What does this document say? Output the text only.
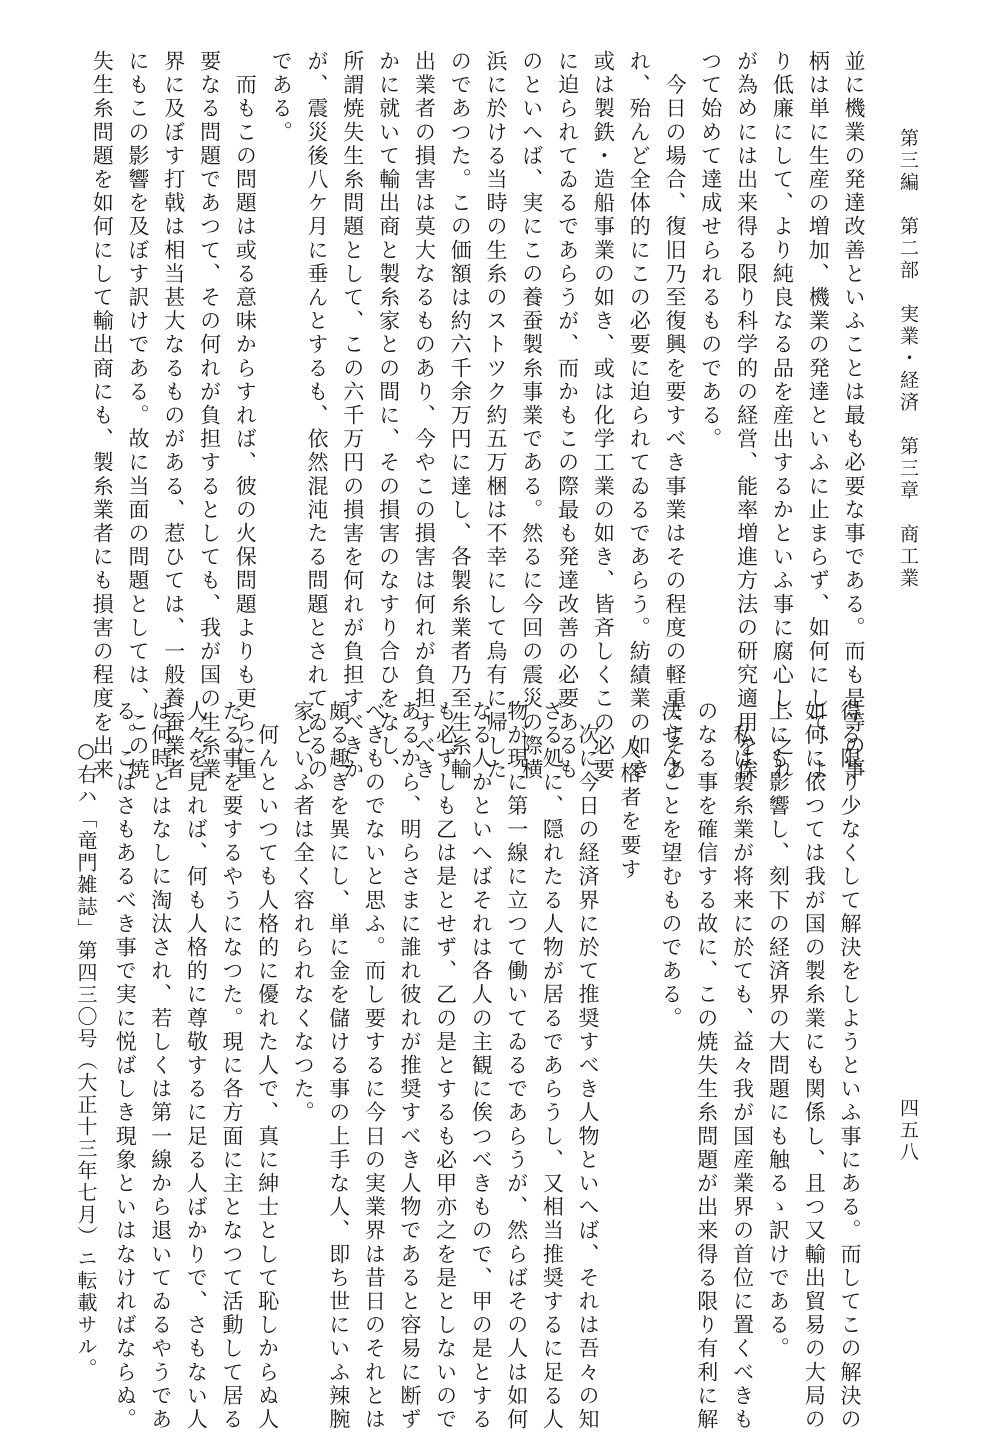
第三編　第二部　実業・経済　第三章　商工業
四五八
並に機業の発達改善といふことは最も必要な事である。而も是等の事
柄は単に生産の増加、機業の発達といふに止まらず、如何にして、よ
り低廉にして、より純良なる品を産出するかといふ事に腐心し、之れ
が為めには出来得る限り科学的の経営、能率増進方法の研究適用を俟
つて始めて達成せられるものである。
　今日の場合、復旧乃至復興を要すべき事業はその程度の軽重こそあ
れ、殆んど全体的にこの必要に迫られてゐるであらう。紡績業の如き
或は製鉄・造船事業の如き、或は化学工業の如き、皆斉しくこの必要
に迫られてゐるであらうが、而かもこの際最も発達改善の必要あるも
のといへば、実にこの養蚕製糸事業である。然るに今回の震災の際横
浜に於ける当時の生糸のストツク約五万梱は不幸にして烏有に帰した
のであつた。この価額は約六千余万円に達し、各製糸業者乃至生糸輸
出業者の損害は莫大なるものあり、今やこの損害は何れが負担すべき
かに就いて輸出商と製糸家との間に、その損害のなすり合ひをなし、
所謂焼失生糸問題として、この六千万円の損害を何れが負担すべきか
が、震災後八ケ月に垂んとするも、依然混沌たる問題とされてゐるの
である。
　而もこの問題は或る意味からすれば、彼の火保問題よりも更らに重
要なる問題であつて、その何れが負担するとしても、我が国の生糸業
界に及ぼす打戟は相当甚大なるものがある、惹ひては、一般養蚕業者
にもこの影響を及ぼす訳けである。故に当面の問題としては、この焼
失生糸問題を如何にして輸出商にも、製糸業者にも損害の程度を出来
得る限り少なくして解決をしようといふ事にある。而してこの解決の
如何に依つては我が国の製糸業にも関係し、且つ又輸出貿易の大局の
上にも影響し、刻下の経済界の大問題にも触るゝ訳けである。
　私は製糸業が将来に於ても、益々我が国産業界の首位に置くべきも
のなる事を確信する故に、この焼失生糸問題が出来得る限り有利に解
決せんことを望むものである。
人格者を要す
　次に今日の経済界に於て推奨すべき人物といへば、それは吾々の知
ざる処に、隠れたる人物が居るであらうし、又相当推奨するに足る人
物が現に第一線に立つて働いてゐるであらうが、然らばその人は如何
なる人かといへばそれは各人の主観に俟つべきもので、甲の是とする
も必ずしも乙は是とせず、乙の是とするも必甲亦之を是としないので
あるから、明らさまに誰れ彼れが推奨すべき人物であると容易に断ず
べきものでないと思ふ。而し要するに今日の実業界は昔日のそれとは
頗る趣きを異にし、単に金を儲ける事の上手な人、即ち世にいふ辣腕
家といふ者は全く容れられなくなつた。
　何んといつても人格的に優れた人で、真に紳士として恥しからぬ人
たる事を要するやうになつた。現に各方面に主となつて活動して居る
人々を見れば、何も人格的に尊敬するに足る人ばかりで、さもない人
は何時とはなしに淘汰され、若しくは第一線から退いてゐるやうであ
る。こはさもあるべき事で実に悦ばしき現象といはなければならぬ。
○右ハ「竜門雑誌」第四三〇号（大正十三年七月）ニ転載サル。
